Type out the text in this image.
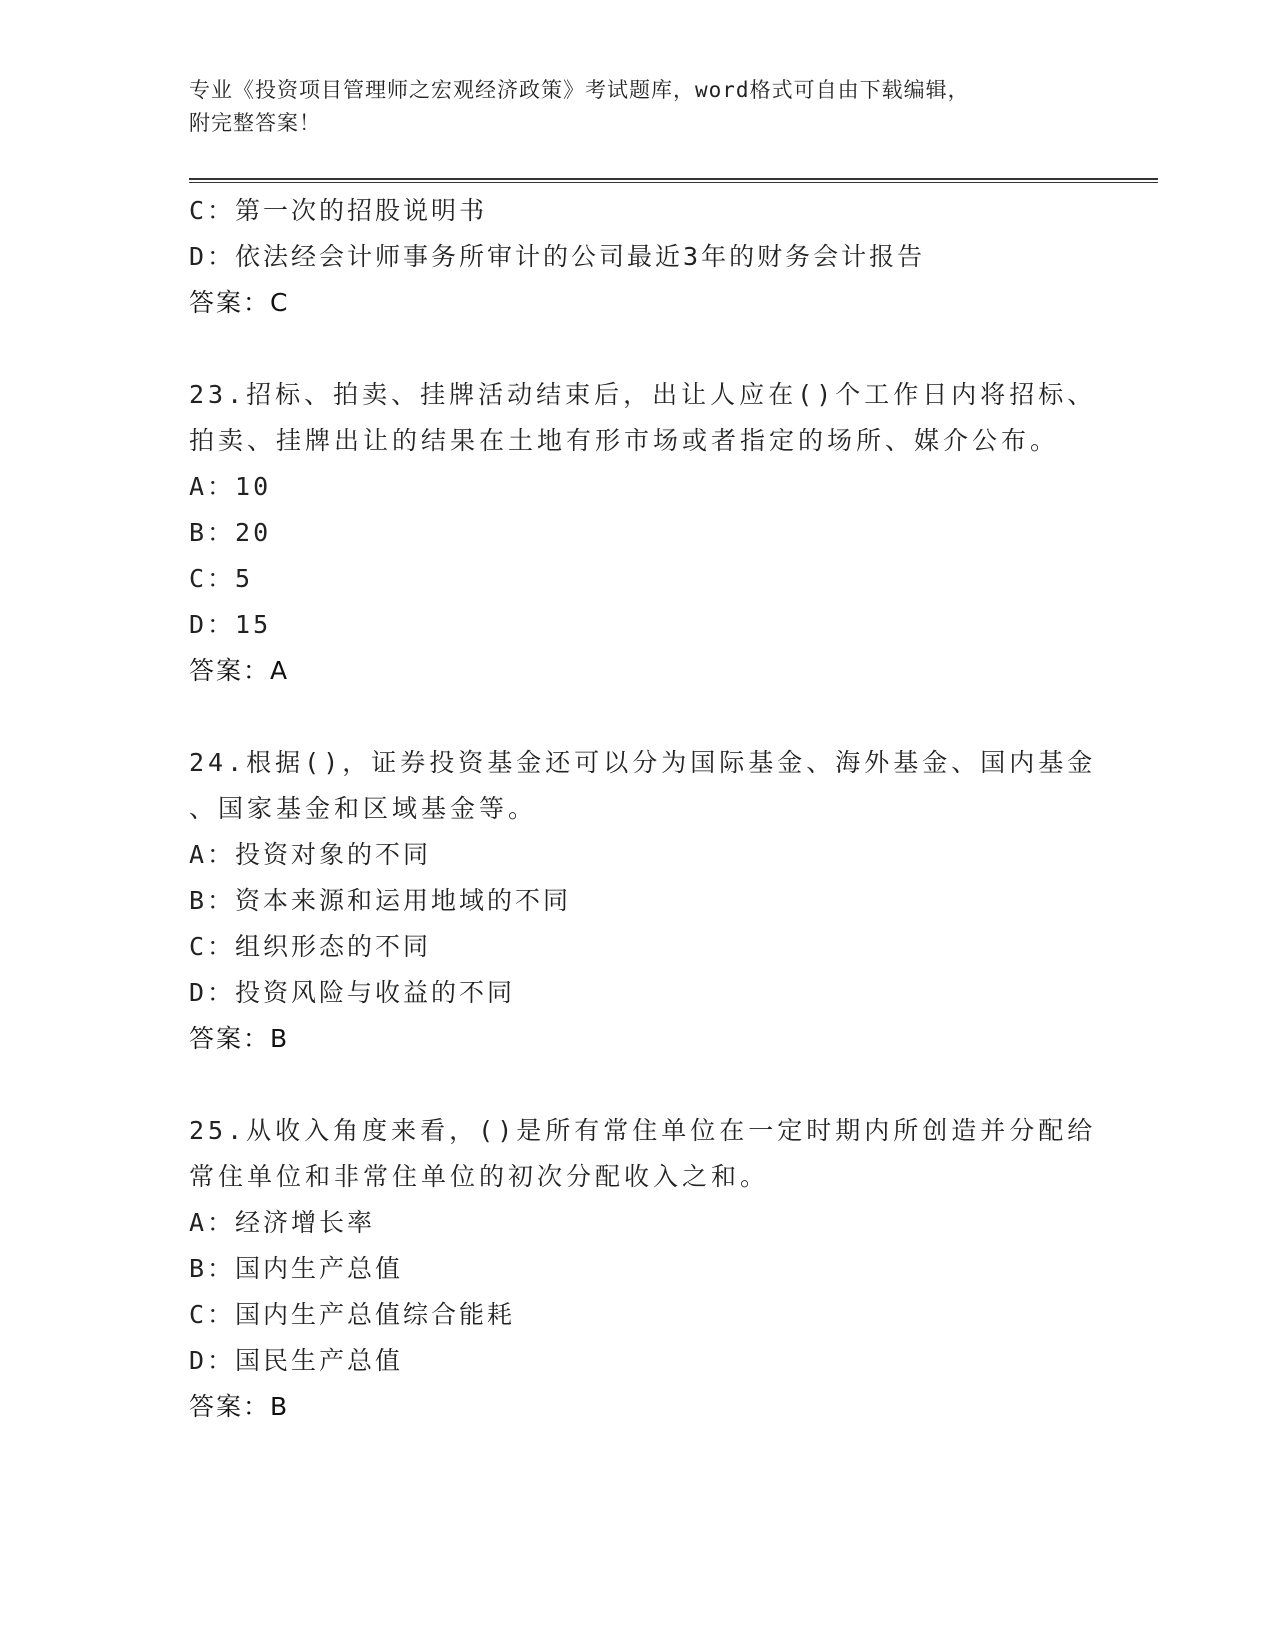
专业《投资项目管理师之宏观经济政策》考试题库，word格式可自由下载编辑，
附完整答案！
C：第一次的招股说明书
D：依法经会计师事务所审计的公司最近3年的财务会计报告
答案：C
23.招标、拍卖、挂牌活动结束后，出让人应在()个工作日内将招标、
拍卖、挂牌出让的结果在土地有形市场或者指定的场所、媒介公布。
A：10
B：20
C：5
D：15
答案：A
24.根据()，证券投资基金还可以分为国际基金、海外基金、国内基金
、国家基金和区域基金等。
A：投资对象的不同
B：资本来源和运用地域的不同
C：组织形态的不同
D：投资风险与收益的不同
答案：B
25.从收入角度来看，()是所有常住单位在一定时期内所创造并分配给
常住单位和非常住单位的初次分配收入之和。
A：经济增长率
B：国内生产总值
C：国内生产总值综合能耗
D：国民生产总值
答案：B
